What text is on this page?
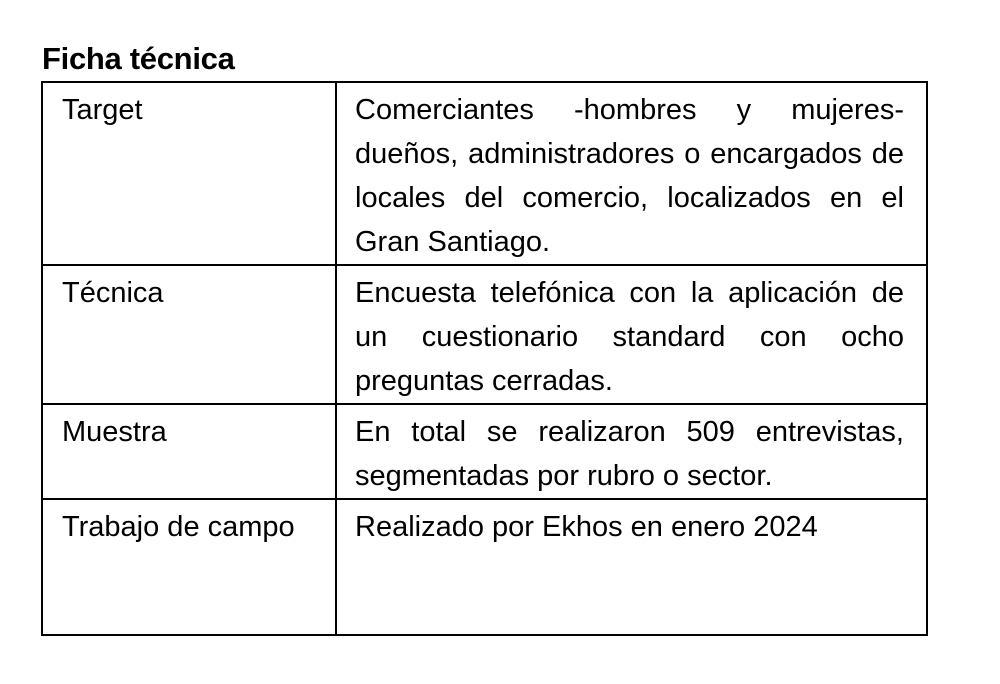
Ficha técnica
Target	Comerciantes -hombres y mujeres- dueños, administradores o encargados de locales del comercio, localizados en el Gran Santiago.

Técnica	Encuesta telefónica con la aplicación de un cuestionario standard con ocho preguntas cerradas.

Muestra	En total se realizaron 509 entrevistas, segmentadas por rubro o sector.

Trabajo de campo	Realizado por Ekhos en enero 2024
